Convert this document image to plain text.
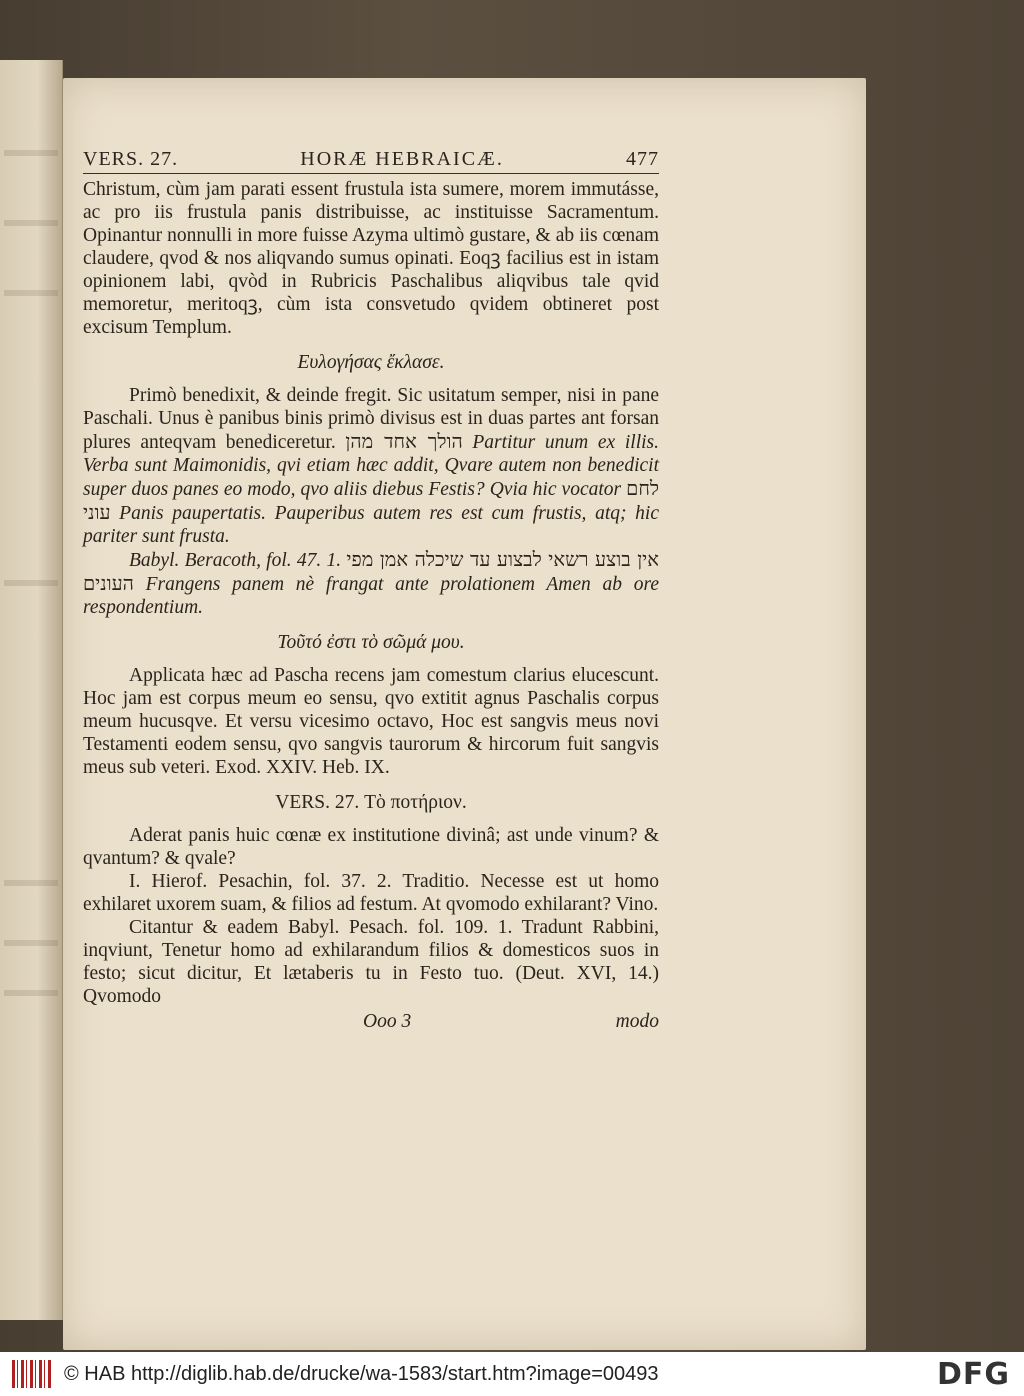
VERS. 27.	HORÆ HEBRAICÆ.	477

Christum, cùm jam parati essent frustula ista sumere, morem immutásse, ac pro iis frustula panis distribuisse, ac instituisse Sacramentum. Opinantur nonnulli in more fuisse Azyma ultimò gustare, & ab iis cœnam claudere, qvod & nos aliqvando sumus opinati. Eoqꝫ facilius est in istam opinionem labi, qvòd in Rubricis Paschalibus aliqvibus tale qvid memoretur, meritoqꝫ, cùm ista consvetudo qvidem obtineret post excisum Templum.

Ευλογήσας ἔκλασε.

Primò benedixit, & deinde fregit. Sic usitatum semper, nisi in pane Paschali. Unus è panibus binis primò divisus est in duas partes ant forsan plures anteqvam benediceretur. הולך אחד מהן Partitur unum ex illis. Verba sunt Maimonidis, qvi etiam hæc addit, Qvare autem non benedicit super duos panes eo modo, qvo aliis diebus Festis? Qvia hic vocator לחם עוני Panis paupertatis. Pauperibus autem res est cum frustis, atq; hic pariter sunt frusta.

Babyl. Beracoth, fol. 47. 1. אין בוצע רשאי לבצוע עד שיכלה אמן מפי העונים Frangens panem nè frangat ante prolationem Amen ab ore respondentium.

Τοῦτό ἐστι τὸ σῶμά μου.

Applicata hæc ad Pascha recens jam comestum clarius elucescunt. Hoc jam est corpus meum eo sensu, qvo extitit agnus Paschalis corpus meum hucusqve. Et versu vicesimo octavo, Hoc est sangvis meus novi Testamenti eodem sensu, qvo sangvis taurorum & hircorum fuit sangvis meus sub veteri. Exod. XXIV. Heb. IX.

VERS. 27. Τὸ ποτήριον.

Aderat panis huic cœnæ ex institutione divinâ; ast unde vinum? & qvantum? & qvale?

I. Hierof. Pesachin, fol. 37. 2. Traditio. Necesse est ut homo exhilaret uxorem suam, & filios ad festum. At qvomodo exhilarant? Vino.

Citantur & eadem Babyl. Pesach. fol. 109. 1. Tradunt Rabbini, inqviunt, Tenetur homo ad exhilarandum filios & domesticos suos in festo; sicut dicitur, Et lætaberis tu in Festo tuo. (Deut. XVI, 14.) Qvomodo

Ooo 3	modo
© HAB http://diglib.hab.de/drucke/wa-1583/start.htm?image=00493	DFG
